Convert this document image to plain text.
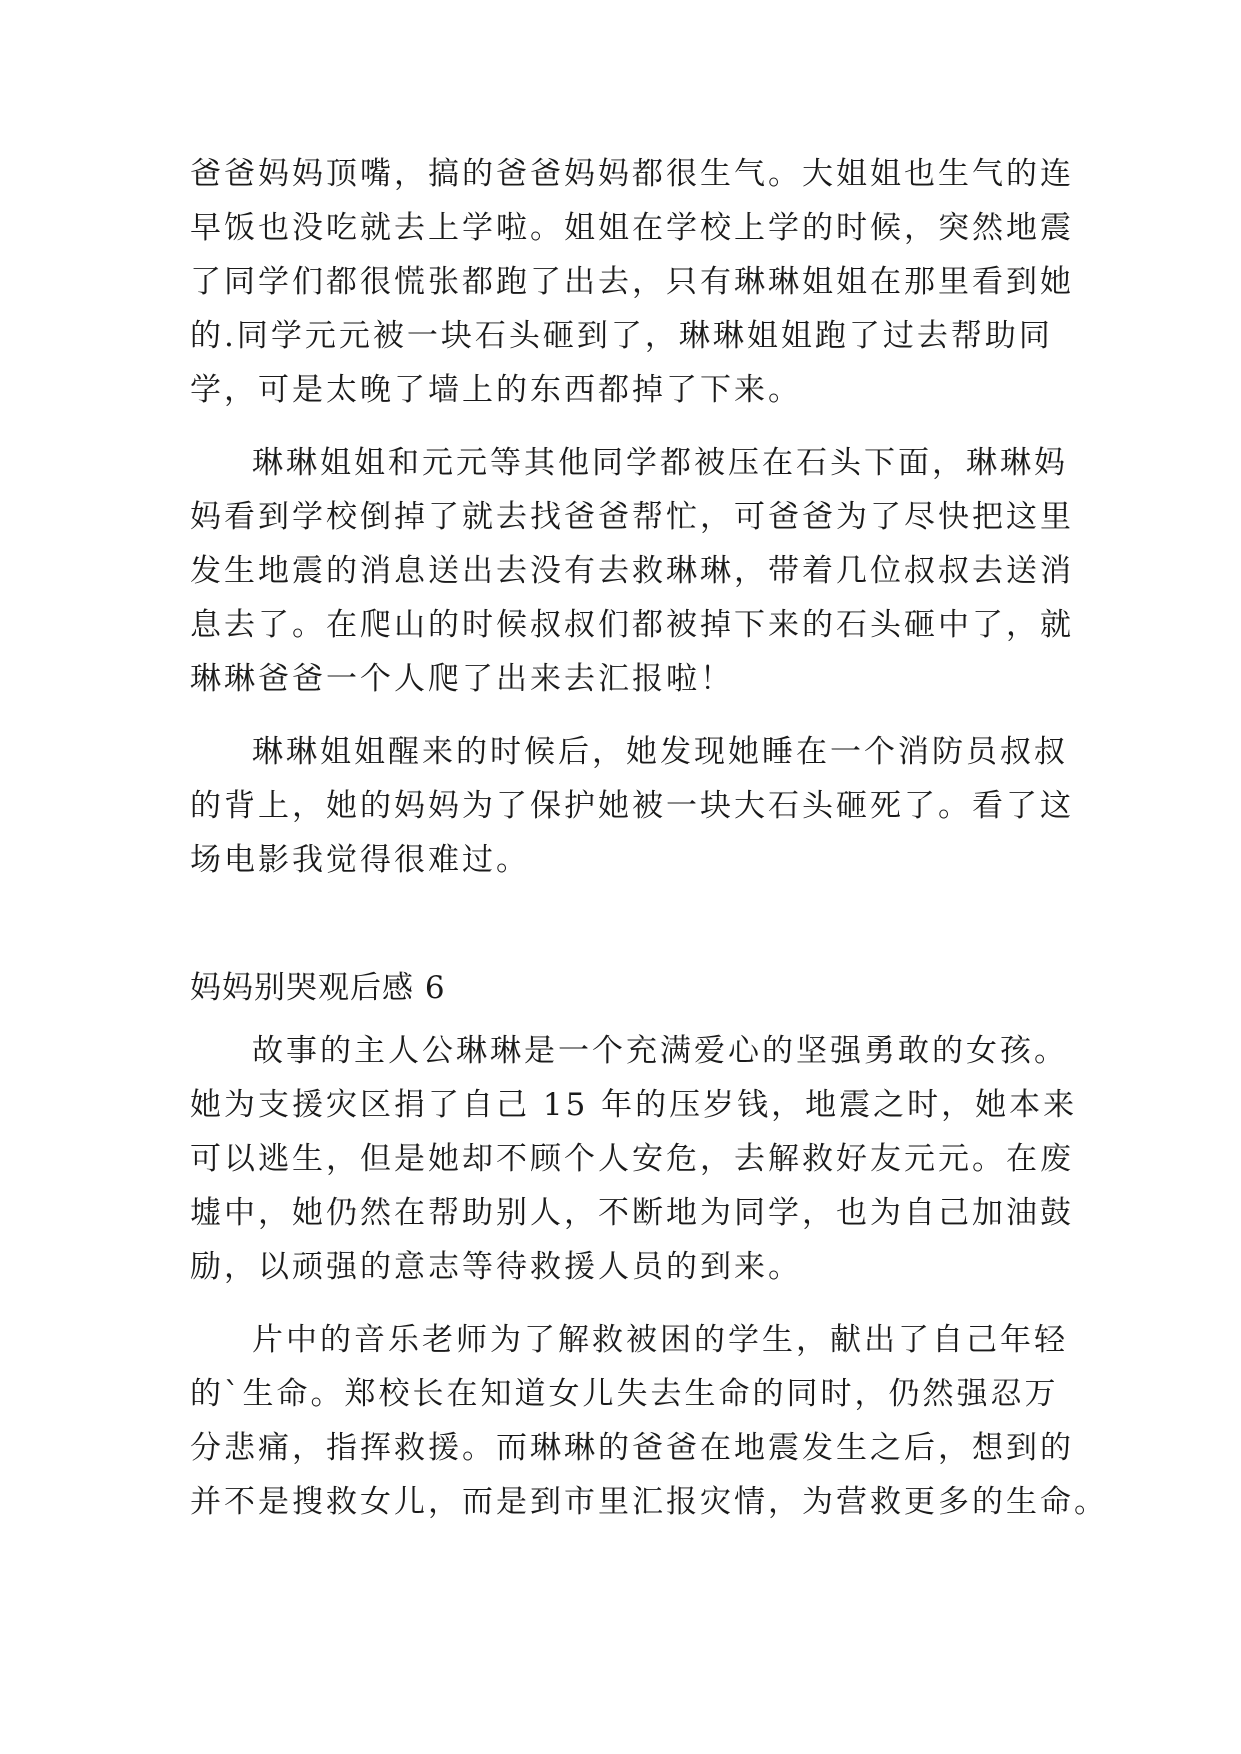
爸爸妈妈顶嘴，搞的爸爸妈妈都很生气。大姐姐也生气的连
早饭也没吃就去上学啦。姐姐在学校上学的时候，突然地震
了同学们都很慌张都跑了出去，只有琳琳姐姐在那里看到她
的.同学元元被一块石头砸到了，琳琳姐姐跑了过去帮助同
学，可是太晚了墙上的东西都掉了下来。
琳琳姐姐和元元等其他同学都被压在石头下面，琳琳妈
妈看到学校倒掉了就去找爸爸帮忙，可爸爸为了尽快把这里
发生地震的消息送出去没有去救琳琳，带着几位叔叔去送消
息去了。在爬山的时候叔叔们都被掉下来的石头砸中了，就
琳琳爸爸一个人爬了出来去汇报啦！
琳琳姐姐醒来的时候后，她发现她睡在一个消防员叔叔
的背上，她的妈妈为了保护她被一块大石头砸死了。看了这
场电影我觉得很难过。
妈妈别哭观后感 6
故事的主人公琳琳是一个充满爱心的坚强勇敢的女孩。
她为支援灾区捐了自己 15 年的压岁钱，地震之时，她本来
可以逃生，但是她却不顾个人安危，去解救好友元元。在废
墟中，她仍然在帮助别人，不断地为同学，也为自己加油鼓
励，以顽强的意志等待救援人员的到来。
片中的音乐老师为了解救被困的学生，献出了自己年轻
的`生命。郑校长在知道女儿失去生命的同时，仍然强忍万
分悲痛，指挥救援。而琳琳的爸爸在地震发生之后，想到的
并不是搜救女儿，而是到市里汇报灾情，为营救更多的生命。
